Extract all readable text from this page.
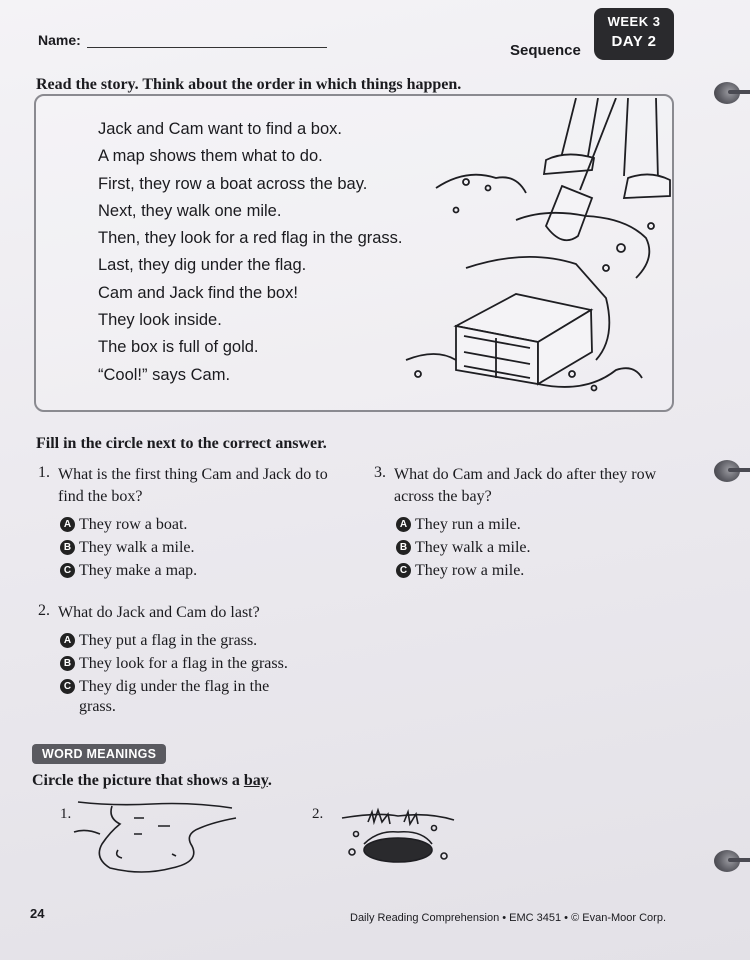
Name:
Sequence
WEEK 3
DAY 2
Read the story. Think about the order in which things happen.
Jack and Cam want to find a box.
A map shows them what to do.
First, they row a boat across the bay.
Next, they walk one mile.
Then, they look for a red flag in the grass.
Last, they dig under the flag.
Cam and Jack find the box!
They look inside.
The box is full of gold.
“Cool!” says Cam.
Fill in the circle next to the correct answer.
1. What is the first thing Cam and Jack do to find the box?
A They row a boat.
B They walk a mile.
C They make a map.
2. What do Jack and Cam do last?
A They put a flag in the grass.
B They look for a flag in the grass.
C They dig under the flag in the grass.
3. What do Cam and Jack do after they row across the bay?
A They run a mile.
B They walk a mile.
C They row a mile.
WORD MEANINGS
Circle the picture that shows a bay.
1.	2.
24	Daily Reading Comprehension • EMC 3451 • © Evan-Moor Corp.
